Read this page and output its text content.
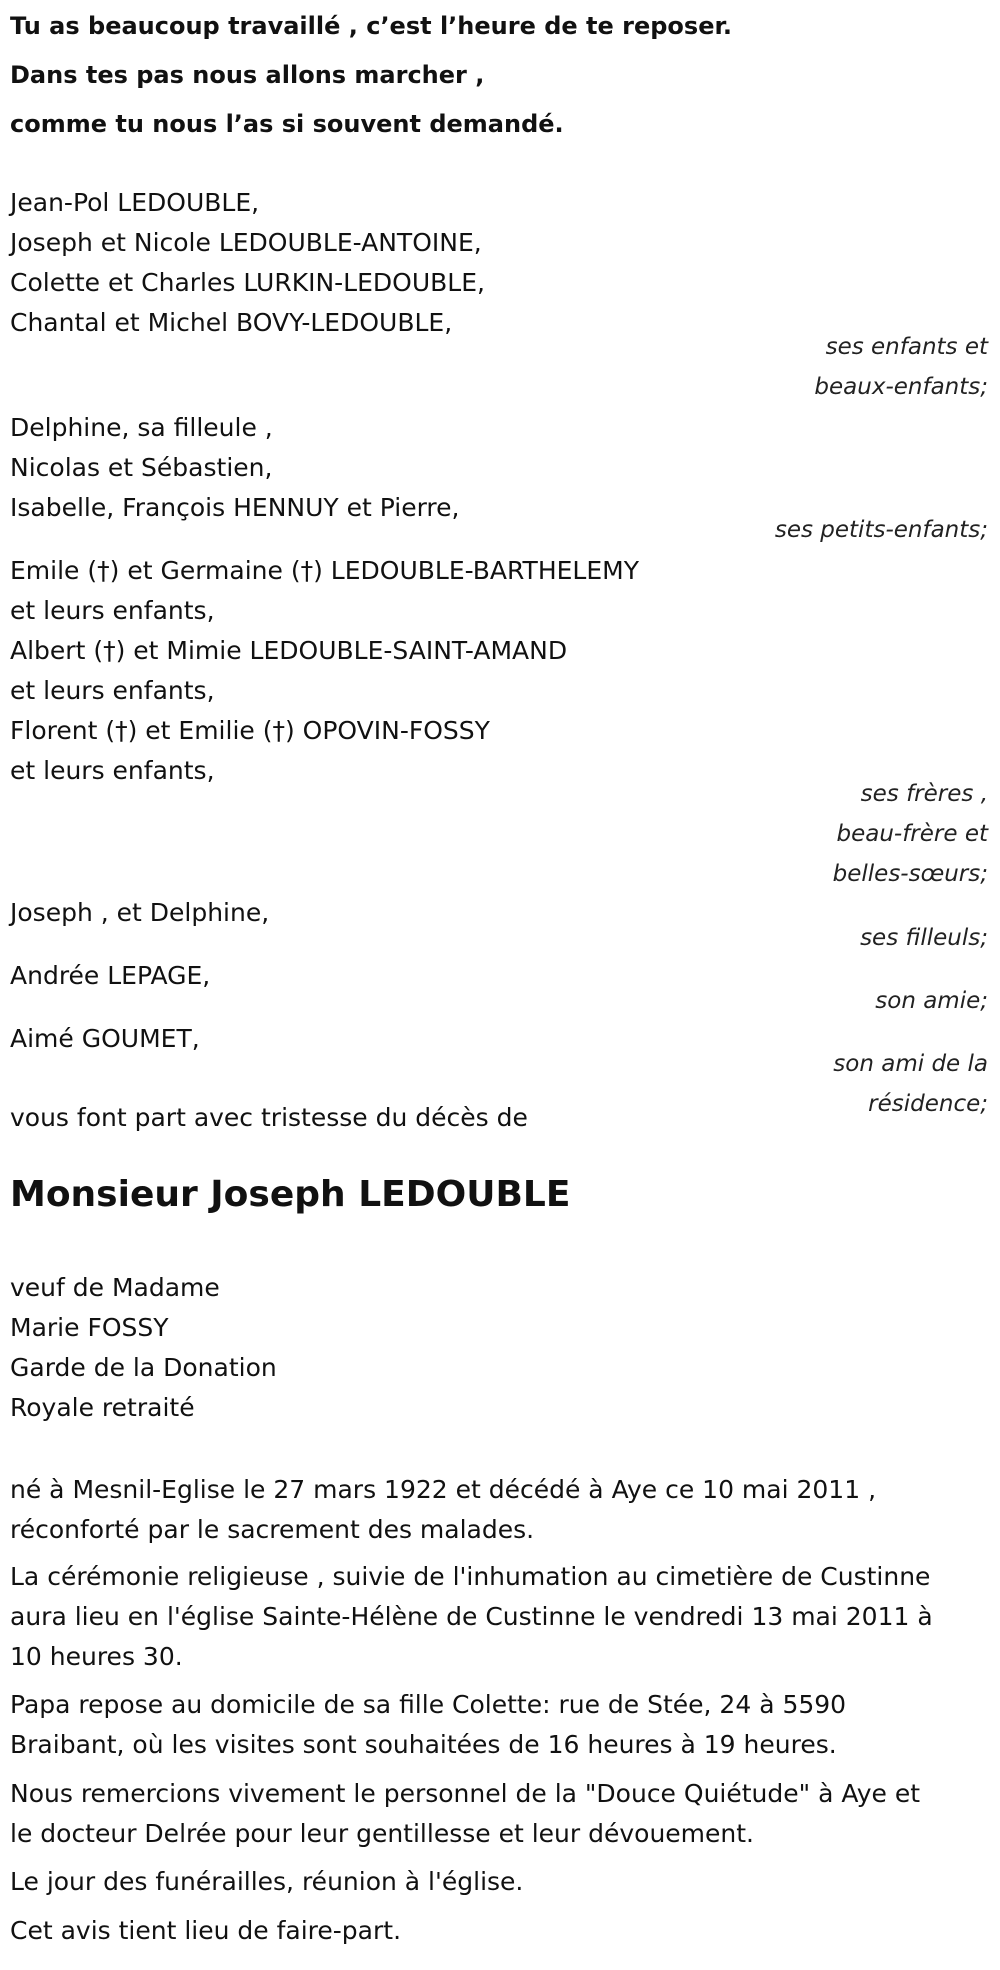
Tu as beaucoup travaillé , c’est l’heure de te reposer.
Dans tes pas nous allons marcher ,
comme tu nous l’as si souvent demandé.
Jean-Pol LEDOUBLE,
Joseph et Nicole LEDOUBLE-ANTOINE,
Colette et Charles LURKIN-LEDOUBLE,
Chantal et Michel BOVY-LEDOUBLE,
ses enfants et
beaux-enfants;
Delphine, sa filleule ,
Nicolas et Sébastien,
Isabelle, François HENNUY et Pierre,
ses petits-enfants;
Emile (†) et Germaine (†) LEDOUBLE-BARTHELEMY
et leurs enfants,
Albert (†) et Mimie LEDOUBLE-SAINT-AMAND
et leurs enfants,
Florent (†) et Emilie (†) OPOVIN-FOSSY
et leurs enfants,
ses frères ,
beau-frère et
belles-sœurs;
Joseph , et Delphine,
ses filleuls;
Andrée LEPAGE,
son amie;
Aimé GOUMET,
son ami de la
résidence;
vous font part avec tristesse du décès de
Monsieur Joseph LEDOUBLE
veuf de Madame
Marie FOSSY
Garde de la Donation
Royale retraité
né à Mesnil-Eglise le 27 mars 1922 et décédé à Aye ce 10 mai 2011 ,
réconforté par le sacrement des malades.
La cérémonie religieuse , suivie de l'inhumation au cimetière de Custinne
aura lieu en l'église Sainte-Hélène de Custinne le vendredi 13 mai 2011 à
10 heures 30.
Papa repose au domicile de sa fille Colette: rue de Stée, 24 à 5590
Braibant, où les visites sont souhaitées de 16 heures à 19 heures.
Nous remercions vivement le personnel de la "Douce Quiétude" à Aye et
le docteur Delrée pour leur gentillesse et leur dévouement.
Le jour des funérailles, réunion à l'église.
Cet avis tient lieu de faire-part.
